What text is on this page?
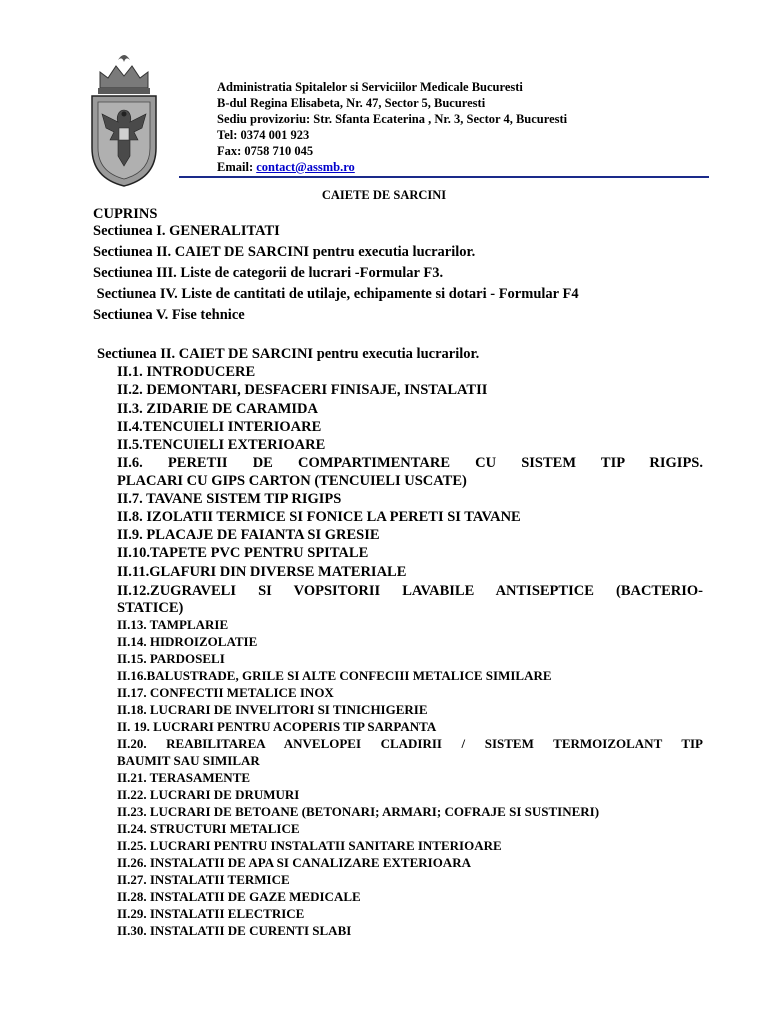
Administratia Spitalelor si Serviciilor Medicale Bucuresti
B-dul Regina Elisabeta, Nr. 47, Sector 5, Bucuresti
Sediu provizoriu: Str. Sfanta Ecaterina , Nr. 3, Sector 4, Bucuresti
Tel: 0374 001 923
Fax: 0758 710 045
Email: contact@assmb.ro
CAIETE DE SARCINI
CUPRINS
Sectiunea I. GENERALITATI
Sectiunea II. CAIET DE SARCINI pentru executia lucrarilor.
Sectiunea III. Liste de categorii de lucrari -Formular F3.
Sectiunea IV. Liste de cantitati de utilaje, echipamente si dotari - Formular F4
Sectiunea V. Fise tehnice
Sectiunea II. CAIET DE SARCINI pentru executia lucrarilor.
II.1. INTRODUCERE
II.2. DEMONTARI, DESFACERI FINISAJE, INSTALATII
II.3. ZIDARIE DE CARAMIDA
II.4.TENCUIELI INTERIOARE
II.5.TENCUIELI EXTERIOARE
II.6. PERETII DE COMPARTIMENTARE CU SISTEM TIP RIGIPS.
PLACARI CU GIPS CARTON (TENCUIELI USCATE)
II.7. TAVANE SISTEM TIP RIGIPS
II.8. IZOLATII TERMICE SI FONICE LA PERETI SI TAVANE
II.9. PLACAJE DE FAIANTA SI GRESIE
II.10.TAPETE PVC PENTRU SPITALE
II.11.GLAFURI DIN DIVERSE MATERIALE
II.12.ZUGRAVELI SI VOPSITORII LAVABILE ANTISEPTICE (BACTERIO-
STATICE)
II.13. TAMPLARIE
II.14. HIDROIZOLATIE
II.15. PARDOSELI
II.16.BALUSTRADE, GRILE SI ALTE CONFECIII METALICE SIMILARE
II.17. CONFECTII METALICE INOX
II.18. LUCRARI DE INVELITORI SI TINICHIGERIE
II. 19. LUCRARI PENTRU ACOPERIS TIP SARPANTA
II.20. REABILITAREA ANVELOPEI CLADIRII / SISTEM TERMOIZOLANT TIP
BAUMIT SAU SIMILAR
II.21. TERASAMENTE
II.22. LUCRARI DE DRUMURI
II.23. LUCRARI DE BETOANE (BETONARI; ARMARI; COFRAJE SI SUSTINERI)
II.24. STRUCTURI METALICE
II.25. LUCRARI PENTRU INSTALATII SANITARE INTERIOARE
II.26. INSTALATII DE APA SI CANALIZARE EXTERIOARA
II.27. INSTALATII TERMICE
II.28. INSTALATII DE GAZE MEDICALE
II.29. INSTALATII ELECTRICE
II.30. INSTALATII DE CURENTI SLABI
